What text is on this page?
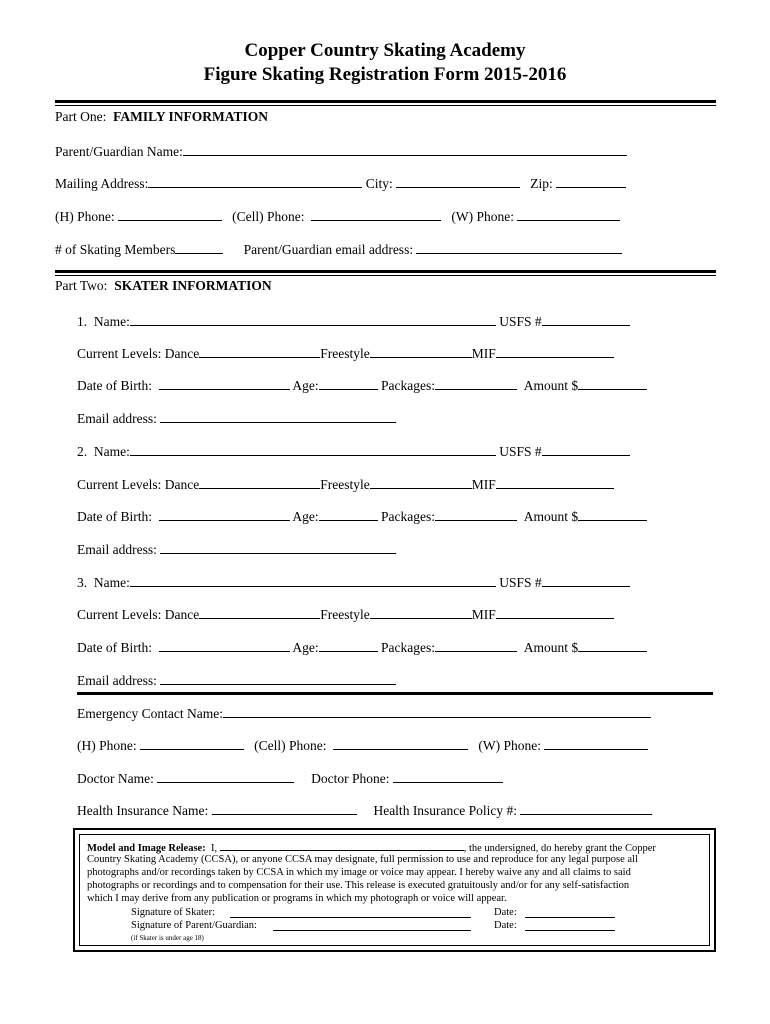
Copper Country Skating Academy
Figure Skating Registration Form 2015-2016
Part One: FAMILY INFORMATION
Parent/Guardian Name:
Mailing Address:	City:	Zip:
(H) Phone:	(Cell) Phone:	(W) Phone:
# of Skating Members	Parent/Guardian email address:
Part Two: SKATER INFORMATION
1. Name:	USFS #
Current Levels: Dance	Freestyle	MIF
Date of Birth:	Age:	Packages:	Amount $
Email address:
2. Name:	USFS #
Current Levels: Dance	Freestyle	MIF
Date of Birth:	Age:	Packages:	Amount $
Email address:
3. Name:	USFS #
Current Levels: Dance	Freestyle	MIF
Date of Birth:	Age:	Packages:	Amount $
Email address:
Emergency Contact Name:
(H) Phone:	(Cell) Phone:	(W) Phone:
Doctor Name:	Doctor Phone:
Health Insurance Name:	Health Insurance Policy #:
Model and Image Release: I,	, the undersigned, do hereby grant the Copper
Country Skating Academy (CCSA), or anyone CCSA may designate, full permission to use and reproduce for any legal purpose all
photographs and/or recordings taken by CCSA in which my image or voice may appear. I hereby waive any and all claims to said
photographs or recordings and to compensation for their use. This release is executed gratuitously and/or for any self-satisfaction
which I may derive from any publication or programs in which my photograph or voice will appear.
Signature of Skater:	Date:
Signature of Parent/Guardian:	Date:
(if Skater is under age 18)
